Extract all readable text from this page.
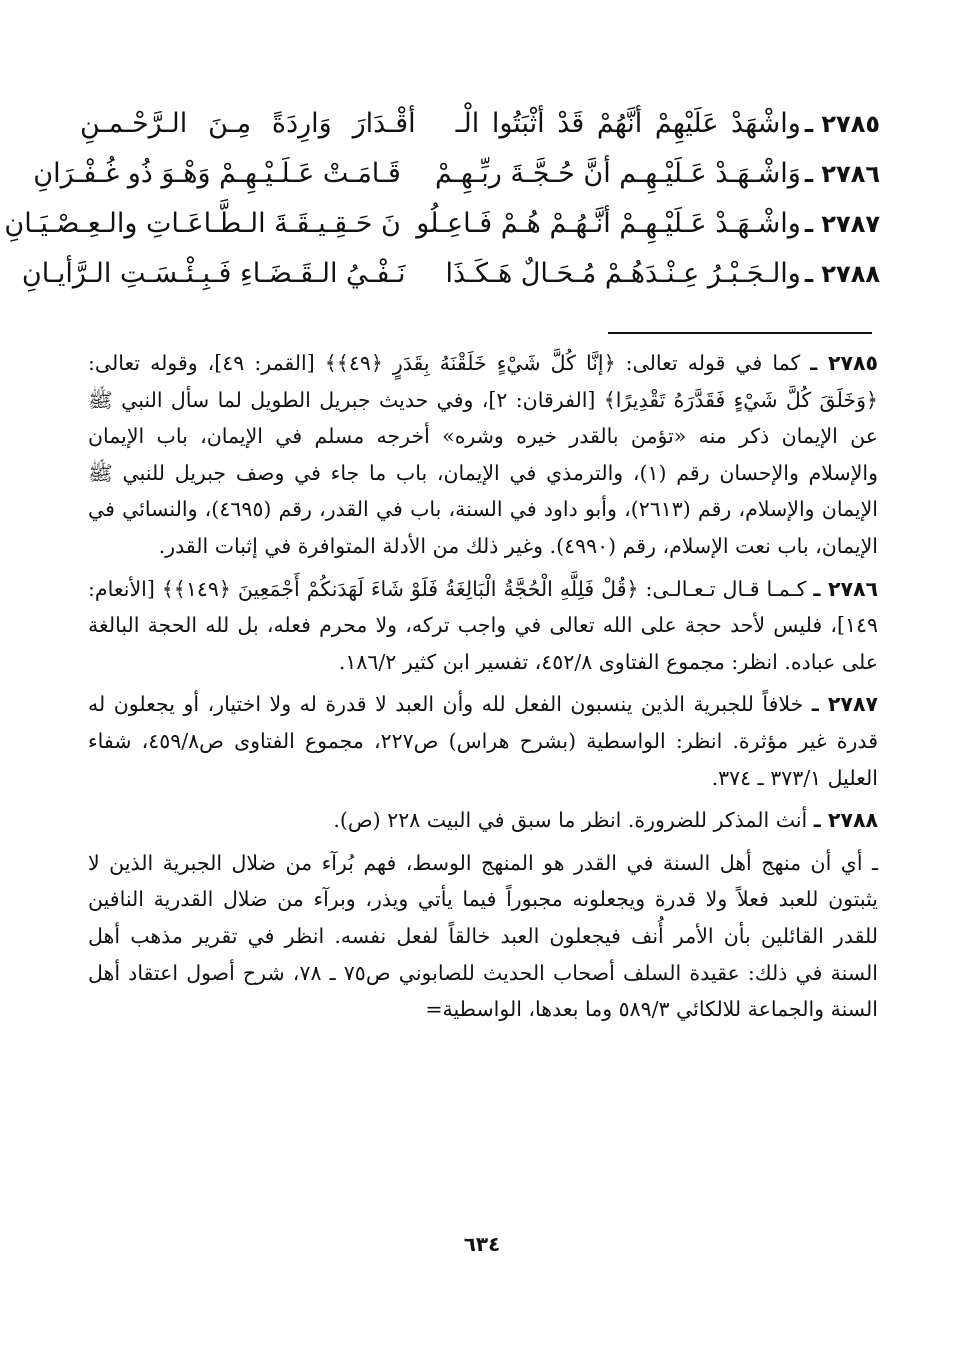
٢٧٨٥ ـ
واشْهَدْ عَلَيْهِمْ أنَّهُمْ قَدْ أثْبَتُوا الْـ
أقْـدَارَ وَارِدَةً مِـنَ الـرَّحْـمـنِ
٢٧٨٦ ـ
وَاشْـهَـدْ عَـلَيْـهِـم أنَّ حُـجَّـةَ ربِّـهِـمْ
قَـامَـتْ عَـلَـيْـهِـمْ وَهْـوَ ذُو غُـفْـرَانِ
٢٧٨٧ ـ
واشْـهَـدْ عَـلَيْـهِـمْ أنَّـهُـمْ هُـمْ فَـاعِـلُو
نَ حَـقِـيـقَـةَ الـطَّـاعَـاتِ والـعِـصْـيَـانِ
٢٧٨٨ ـ
والـجَـبْـرُ عِـنْـدَهُـمْ مُـحَـالٌ هَـكَـذَا
نَـفْـيُ الـقَـضَـاءِ فَـبِـئْـسَـتِ الـرَّأيـانِ

٢٧٨٥ ـ كما في قوله تعالى: ﴿إنَّا كُلَّ شَيْءٍ خَلَقْنَهُ بِقَدَرٍ ﴿٤٩﴾﴾ [القمر: ٤٩]، وقوله تعالى: ﴿وَخَلَقَ كُلَّ شَيْءٍ فَقَدَّرَهُ تَقْدِيرًا﴾ [الفرقان: ٢]، وفي حديث جبريل الطويل لما سأل النبي ﷺ عن الإيمان ذكر منه «تؤمن بالقدر خيره وشره» أخرجه مسلم في الإيمان، باب الإيمان والإسلام والإحسان رقم (١)، والترمذي في الإيمان، باب ما جاء في وصف جبريل للنبي ﷺ الإيمان والإسلام، رقم (٢٦١٣)، وأبو داود في السنة، باب في القدر، رقم (٤٦٩٥)، والنسائي في الإيمان، باب نعت الإسلام، رقم (٤٩٩٠). وغير ذلك من الأدلة المتوافرة في إثبات القدر.

٢٧٨٦ ـ كـمـا قـال تـعـالـى: ﴿قُلْ فَلِلَّهِ الْحُجَّةُ الْبَالِغَةُ فَلَوْ شَاءَ لَهَدَنكُمْ أَجْمَعِينَ ﴿١٤٩﴾﴾ [الأنعام: ١٤٩]، فليس لأحد حجة على الله تعالى في واجب تركه، ولا محرم فعله، بل لله الحجة البالغة على عباده. انظر: مجموع الفتاوى ٤٥٢/٨، تفسير ابن كثير ١٨٦/٢.

٢٧٨٧ ـ خلافاً للجبرية الذين ينسبون الفعل لله وأن العبد لا قدرة له ولا اختيار، أو يجعلون له قدرة غير مؤثرة. انظر: الواسطية (بشرح هراس) ص٢٢٧، مجموع الفتاوى ص٤٥٩/٨، شفاء العليل ٣٧٣/١ ـ ٣٧٤.

٢٧٨٨ ـ أنث المذكر للضرورة. انظر ما سبق في البيت ٢٢٨ (ص).

ـ أي أن منهج أهل السنة في القدر هو المنهج الوسط، فهم بُرآء من ضلال الجبرية الذين لا يثبتون للعبد فعلاً ولا قدرة ويجعلونه مجبوراً فيما يأتي ويذر، وبرآء من ضلال القدرية النافين للقدر القائلين بأن الأمر أُنف فيجعلون العبد خالقاً لفعل نفسه. انظر في تقرير مذهب أهل السنة في ذلك: عقيدة السلف أصحاب الحديث للصابوني ص٧٥ ـ ٧٨، شرح أصول اعتقاد أهل السنة والجماعة للالكائي ٥٨٩/٣ وما بعدها، الواسطية=

٦٣٤
